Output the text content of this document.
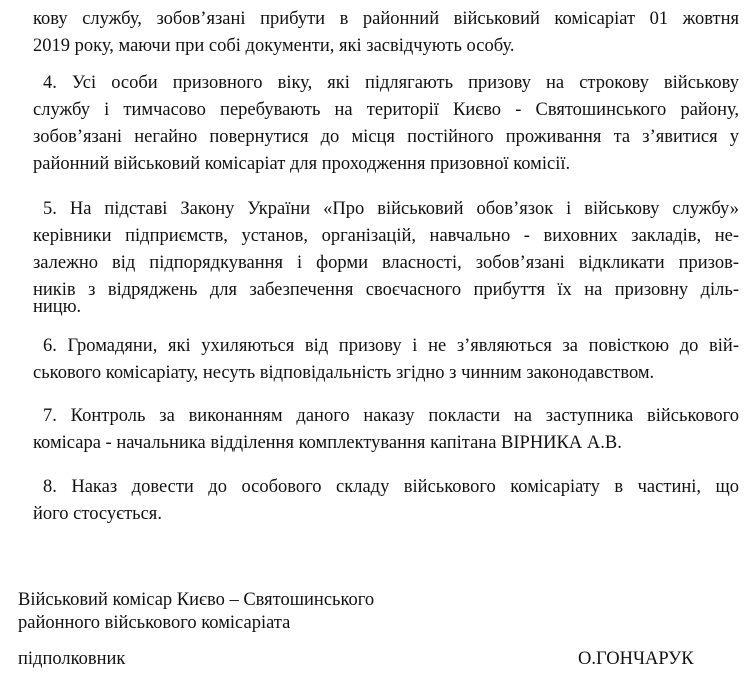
кову службу, зобов’язані прибути в районний військовий комісаріат 01 жовтня

2019 року, маючи при собі документи, які засвідчують особу.

4. Усі особи призовного віку, які підлягають призову на строкову військову

службу і тимчасово перебувають на території Києво - Святошинського району,

зобов’язані негайно повернутися до місця постійного проживання та з’явитися у

районний військовий комісаріат для проходження призовної комісії.

5. На підставі Закону України «Про військовий обов’язок і військову службу»

керівники підприємств, установ, організацій, навчально - виховних закладів, не-

залежно від підпорядкування і форми власності, зобов’язані відкликати призов-

ників з відряджень для забезпечення своєчасного прибуття їх на призовну діль-

ницю.

6. Громадяни, які ухиляються від призову і не з’являються за повісткою до вій-

ськового комісаріату, несуть відповідальність згідно з чинним законодавством.

7. Контроль за виконанням даного наказу покласти на заступника військового

комісара - начальника відділення комплектування капітана ВІРНИКА А.В.

8. Наказ довести до особового складу військового комісаріату в частині, що

його стосується.

Військовий комісар Києво – Святошинського

районного військового комісаріата

підполковник	О.ГОНЧАРУК
